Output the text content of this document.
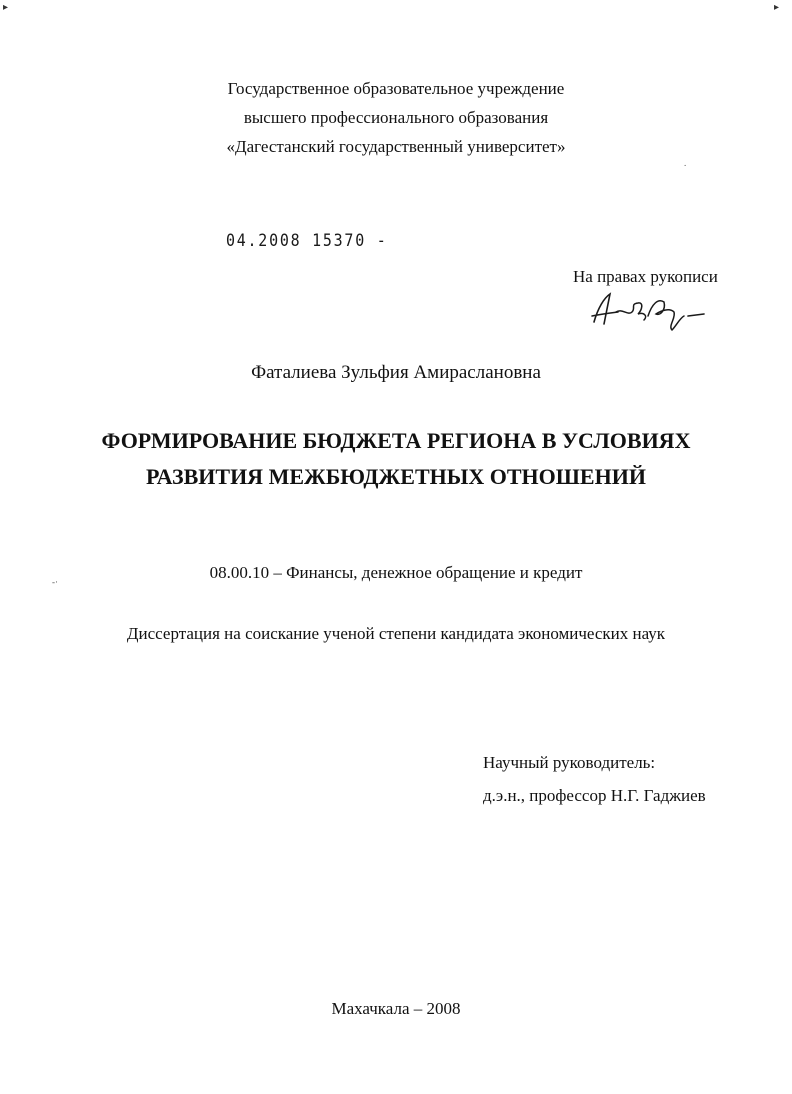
▸	▸
.
-·
Государственное образовательное учреждение
высшего профессионального образования
«Дагестанский государственный университет»
04.2008 15370 -
На правах рукописи
Фаталиева Зульфия Амираслановна
ФОРМИРОВАНИЕ БЮДЖЕТА РЕГИОНА В УСЛОВИЯХ
РАЗВИТИЯ МЕЖБЮДЖЕТНЫХ ОТНОШЕНИЙ
08.00.10 – Финансы, денежное обращение и кредит
Диссертация на соискание ученой степени кандидата экономических наук
Научный руководитель:
д.э.н., профессор Н.Г. Гаджиев
Махачкала – 2008
